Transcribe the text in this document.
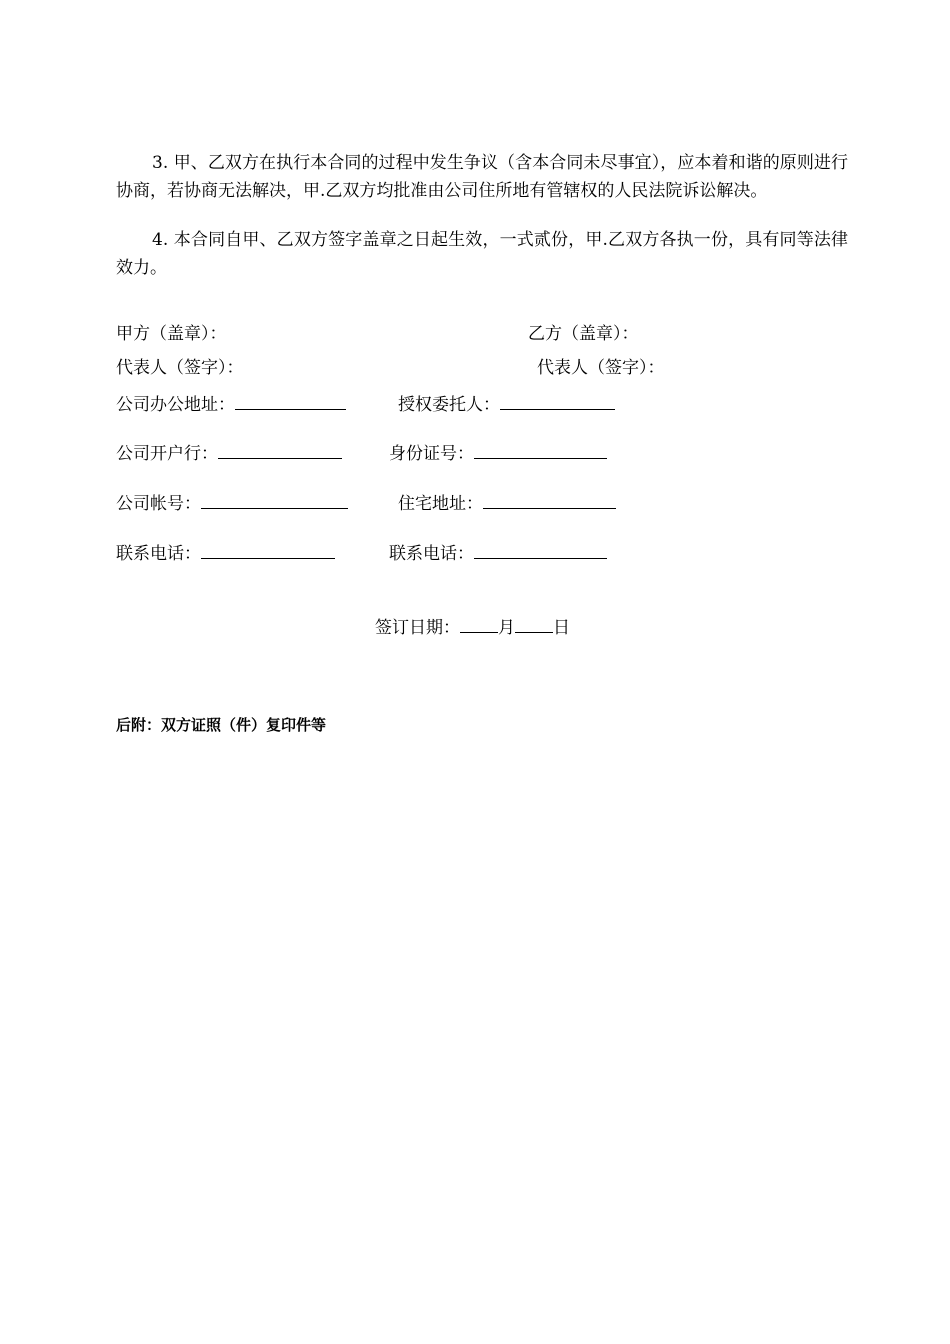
3. 甲、乙双方在执行本合同的过程中发生争议（含本合同未尽事宜），应本着和谐的原则进行协商，若协商无法解决，甲.乙双方均批准由公司住所地有管辖权的人民法院诉讼解决。
4. 本合同自甲、乙双方签字盖章之日起生效，一式贰份，甲.乙双方各执一份，具有同等法律效力。
甲方（盖章）：	乙方（盖章）：
代表人（签字）：	代表人（签字）：
公司办公地址：	授权委托人：
公司开户行：	身份证号：
公司帐号：	住宅地址：
联系电话：	联系电话：
签订日期： 月 日
后附：双方证照（件）复印件等
